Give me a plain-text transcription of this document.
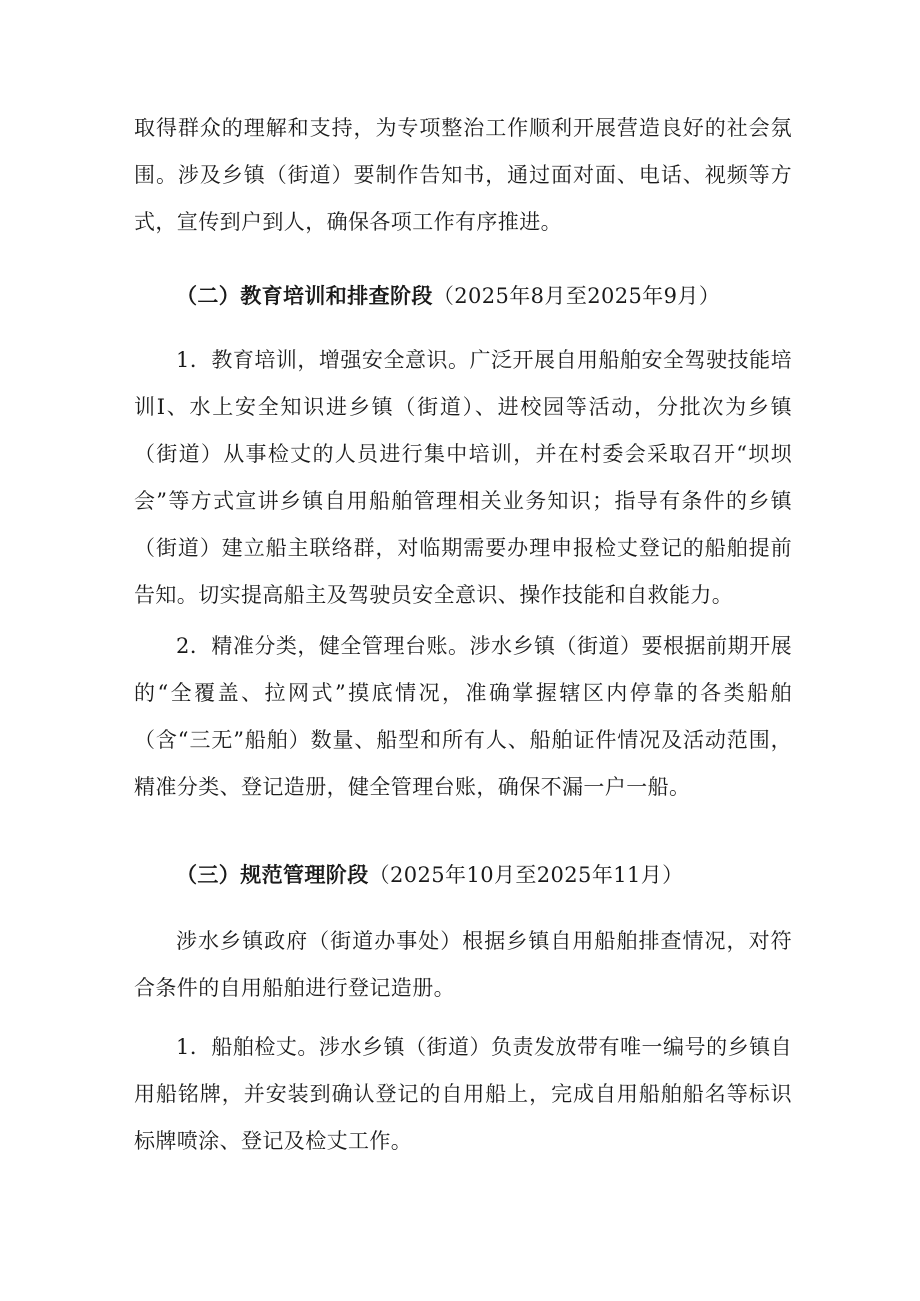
取得群众的理解和支持，为专项整治工作顺利开展营造良好的社会氛围。涉及乡镇（街道）要制作告知书，通过面对面、电话、视频等方式，宣传到户到人，确保各项工作有序推进。

（二）教育培训和排查阶段（2025年8月至2025年9月）

1．教育培训，增强安全意识。广泛开展自用船舶安全驾驶技能培训I、水上安全知识进乡镇（街道）、进校园等活动，分批次为乡镇（街道）从事检丈的人员进行集中培训，并在村委会采取召开“坝坝会”等方式宣讲乡镇自用船舶管理相关业务知识；指导有条件的乡镇（街道）建立船主联络群，对临期需要办理申报检丈登记的船舶提前告知。切实提高船主及驾驶员安全意识、操作技能和自救能力。

2．精准分类，健全管理台账。涉水乡镇（街道）要根据前期开展的“全覆盖、拉网式”摸底情况，准确掌握辖区内停靠的各类船舶（含“三无”船舶）数量、船型和所有人、船舶证件情况及活动范围，精准分类、登记造册，健全管理台账，确保不漏一户一船。

（三）规范管理阶段（2025年10月至2025年11月）

涉水乡镇政府（街道办事处）根据乡镇自用船舶排查情况，对符合条件的自用船舶进行登记造册。

1．船舶检丈。涉水乡镇（街道）负责发放带有唯一编号的乡镇自用船铭牌，并安装到确认登记的自用船上，完成自用船舶船名等标识标牌喷涂、登记及检丈工作。
